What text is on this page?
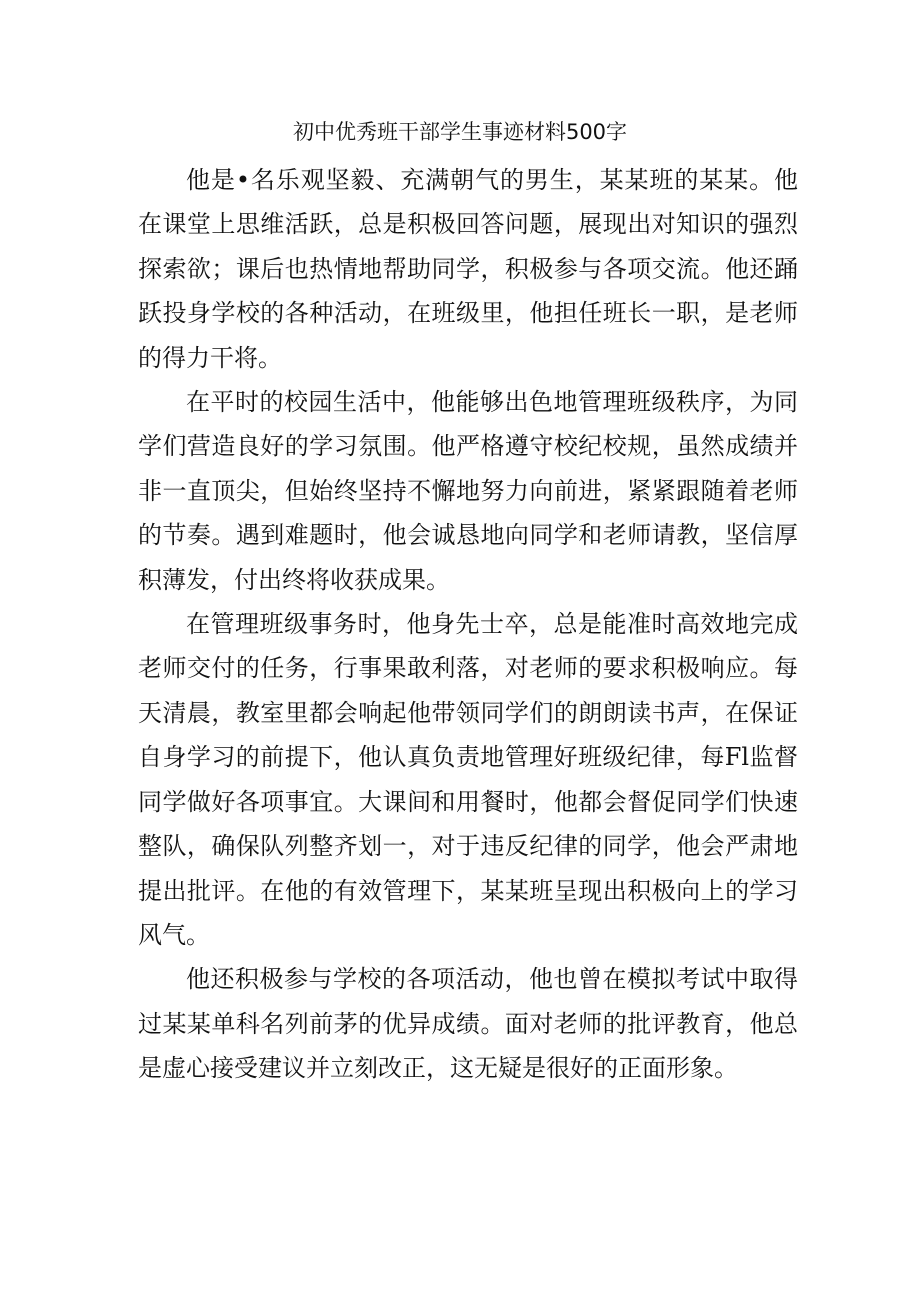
初中优秀班干部学生事迹材料500字

他是•名乐观坚毅、充满朝气的男生，某某班的某某。他在课堂上思维活跃，总是积极回答问题，展现出对知识的强烈探索欲；课后也热情地帮助同学，积极参与各项交流。他还踊跃投身学校的各种活动，在班级里，他担任班长一职，是老师的得力干将。

在平时的校园生活中，他能够出色地管理班级秩序，为同学们营造良好的学习氛围。他严格遵守校纪校规，虽然成绩并非一直顶尖，但始终坚持不懈地努力向前进，紧紧跟随着老师的节奏。遇到难题时，他会诚恳地向同学和老师请教，坚信厚积薄发，付出终将收获成果。

在管理班级事务时，他身先士卒，总是能准时高效地完成老师交付的任务，行事果敢利落，对老师的要求积极响应。每天清晨，教室里都会响起他带领同学们的朗朗读书声，在保证自身学习的前提下，他认真负责地管理好班级纪律，每Fl监督同学做好各项事宜。大课间和用餐时，他都会督促同学们快速整队，确保队列整齐划一，对于违反纪律的同学，他会严肃地提出批评。在他的有效管理下，某某班呈现出积极向上的学习风气。

他还积极参与学校的各项活动，他也曾在模拟考试中取得过某某单科名列前茅的优异成绩。面对老师的批评教育，他总是虚心接受建议并立刻改正，这无疑是很好的正面形象。
